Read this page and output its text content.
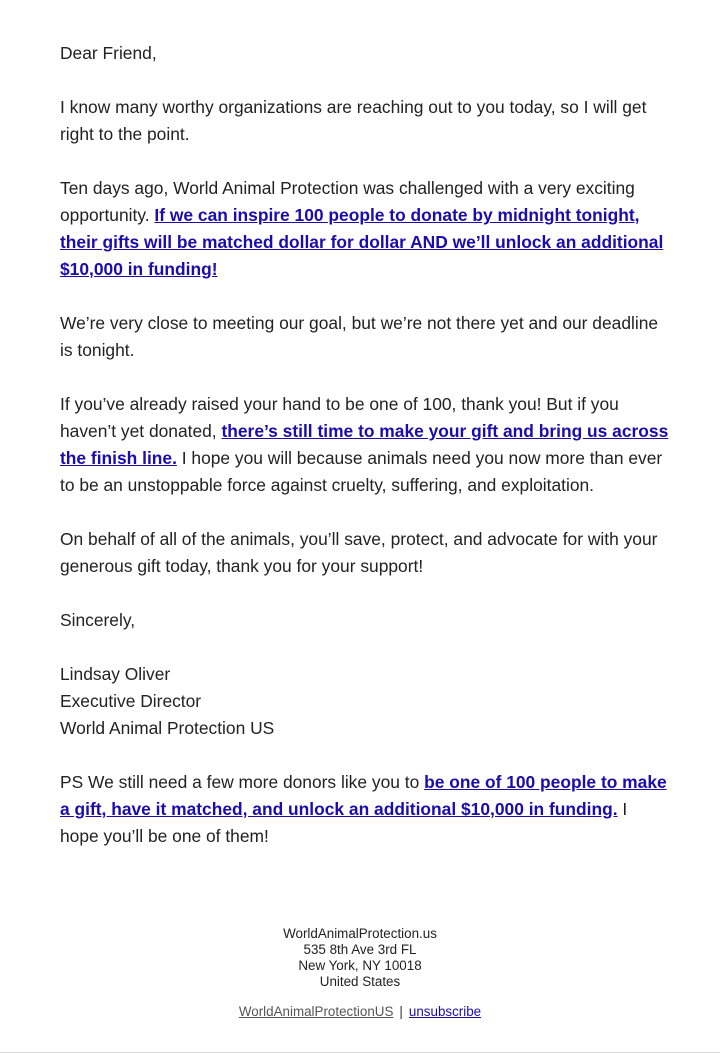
Dear Friend,

I know many worthy organizations are reaching out to you today, so I will get right to the point.

Ten days ago, World Animal Protection was challenged with a very exciting opportunity. If we can inspire 100 people to donate by midnight tonight, their gifts will be matched dollar for dollar AND we’ll unlock an additional $10,000 in funding!

We’re very close to meeting our goal, but we’re not there yet and our deadline is tonight.

If you’ve already raised your hand to be one of 100, thank you! But if you haven’t yet donated, there’s still time to make your gift and bring us across the finish line. I hope you will because animals need you now more than ever to be an unstoppable force against cruelty, suffering, and exploitation.

On behalf of all of the animals, you’ll save, protect, and advocate for with your generous gift today, thank you for your support!

Sincerely,

Lindsay Oliver
Executive Director
World Animal Protection US

PS We still need a few more donors like you to be one of 100 people to make a gift, have it matched, and unlock an additional $10,000 in funding. I hope you’ll be one of them!

WorldAnimalProtection.us
535 8th Ave 3rd FL
New York, NY 10018
United States
WorldAnimalProtectionUS | unsubscribe
